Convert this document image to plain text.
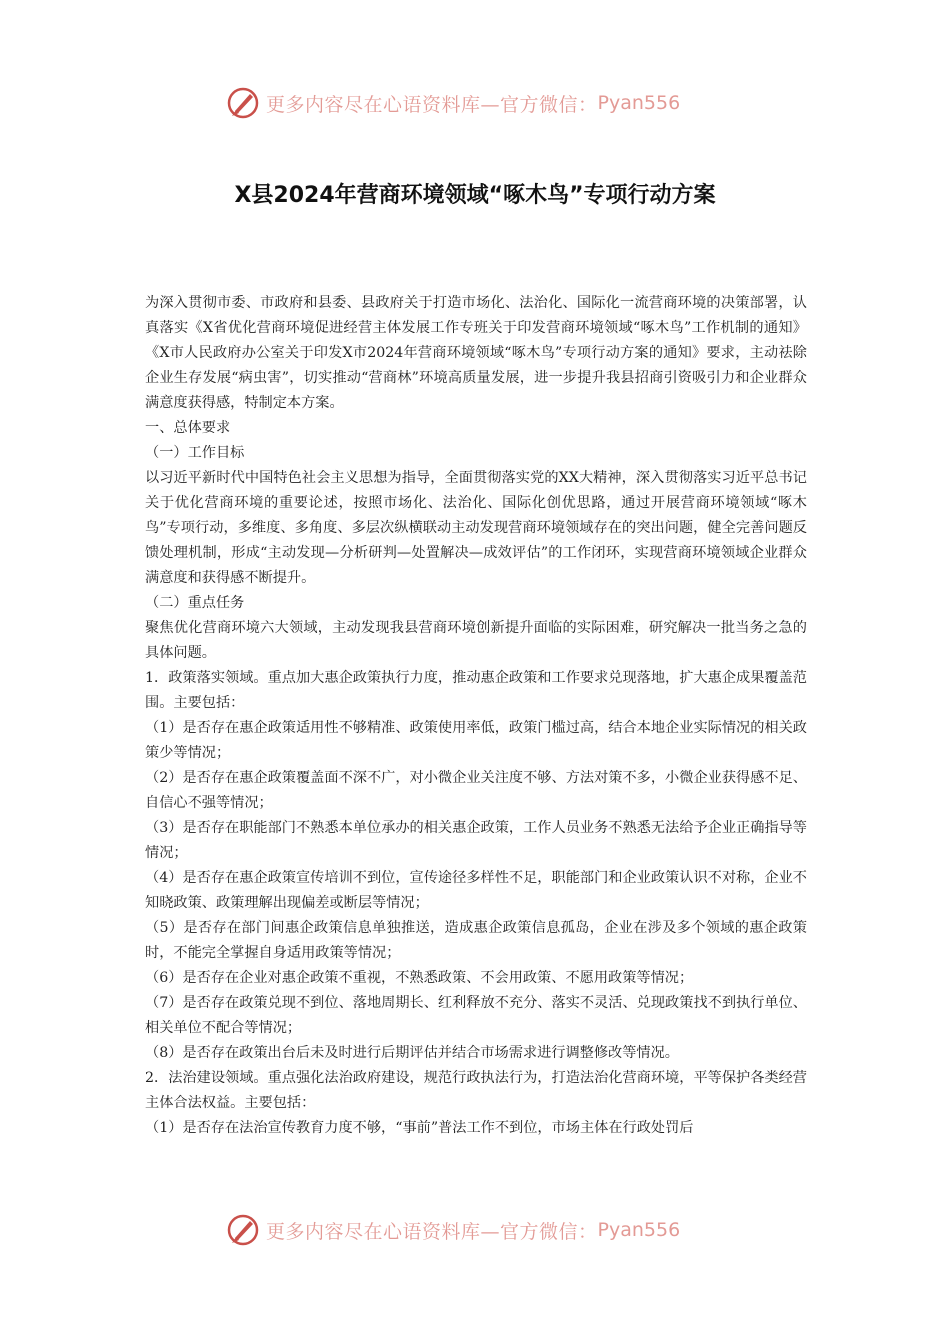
更多内容尽在心语资料库—官方微信： Pyan556
X县2024年营商环境领域“啄木鸟”专项行动方案

为深入贯彻市委、市政府和县委、县政府关于打造市场化、法治化、国际化一流营商环境的决策部署，认真落实《X省优化营商环境促进经营主体发展工作专班关于印发营商环境领域“啄木鸟”工作机制的通知》《X市人民政府办公室关于印发X市2024年营商环境领域“啄木鸟”专项行动方案的通知》要求，主动祛除企业生存发展“病虫害”，切实推动“营商林”环境高质量发展，进一步提升我县招商引资吸引力和企业群众满意度获得感，特制定本方案。

一、总体要求

（一）工作目标

以习近平新时代中国特色社会主义思想为指导，全面贯彻落实党的XX大精神，深入贯彻落实习近平总书记关于优化营商环境的重要论述，按照市场化、法治化、国际化创优思路，通过开展营商环境领域“啄木鸟”专项行动，多维度、多角度、多层次纵横联动主动发现营商环境领域存在的突出问题，健全完善问题反馈处理机制，形成“主动发现—分析研判—处置解决—成效评估”的工作闭环，实现营商环境领域企业群众满意度和获得感不断提升。

（二）重点任务

聚焦优化营商环境六大领域，主动发现我县营商环境创新提升面临的实际困难，研究解决一批当务之急的具体问题。

1．政策落实领域。重点加大惠企政策执行力度，推动惠企政策和工作要求兑现落地，扩大惠企成果覆盖范围。主要包括：

（1）是否存在惠企政策适用性不够精准、政策使用率低，政策门槛过高，结合本地企业实际情况的相关政策少等情况；

（2）是否存在惠企政策覆盖面不深不广，对小微企业关注度不够、方法对策不多，小微企业获得感不足、自信心不强等情况；

（3）是否存在职能部门不熟悉本单位承办的相关惠企政策，工作人员业务不熟悉无法给予企业正确指导等情况；

（4）是否存在惠企政策宣传培训不到位，宣传途径多样性不足，职能部门和企业政策认识不对称，企业不知晓政策、政策理解出现偏差或断层等情况；

（5）是否存在部门间惠企政策信息单独推送，造成惠企政策信息孤岛，企业在涉及多个领域的惠企政策时，不能完全掌握自身适用政策等情况；

（6）是否存在企业对惠企政策不重视，不熟悉政策、不会用政策、不愿用政策等情况；

（7）是否存在政策兑现不到位、落地周期长、红利释放不充分、落实不灵活、兑现政策找不到执行单位、相关单位不配合等情况；

（8）是否存在政策出台后未及时进行后期评估并结合市场需求进行调整修改等情况。

2．法治建设领域。重点强化法治政府建设，规范行政执法行为，打造法治化营商环境，平等保护各类经营主体合法权益。主要包括：

（1）是否存在法治宣传教育力度不够，“事前”普法工作不到位，市场主体在行政处罚后

更多内容尽在心语资料库—官方微信： Pyan556
